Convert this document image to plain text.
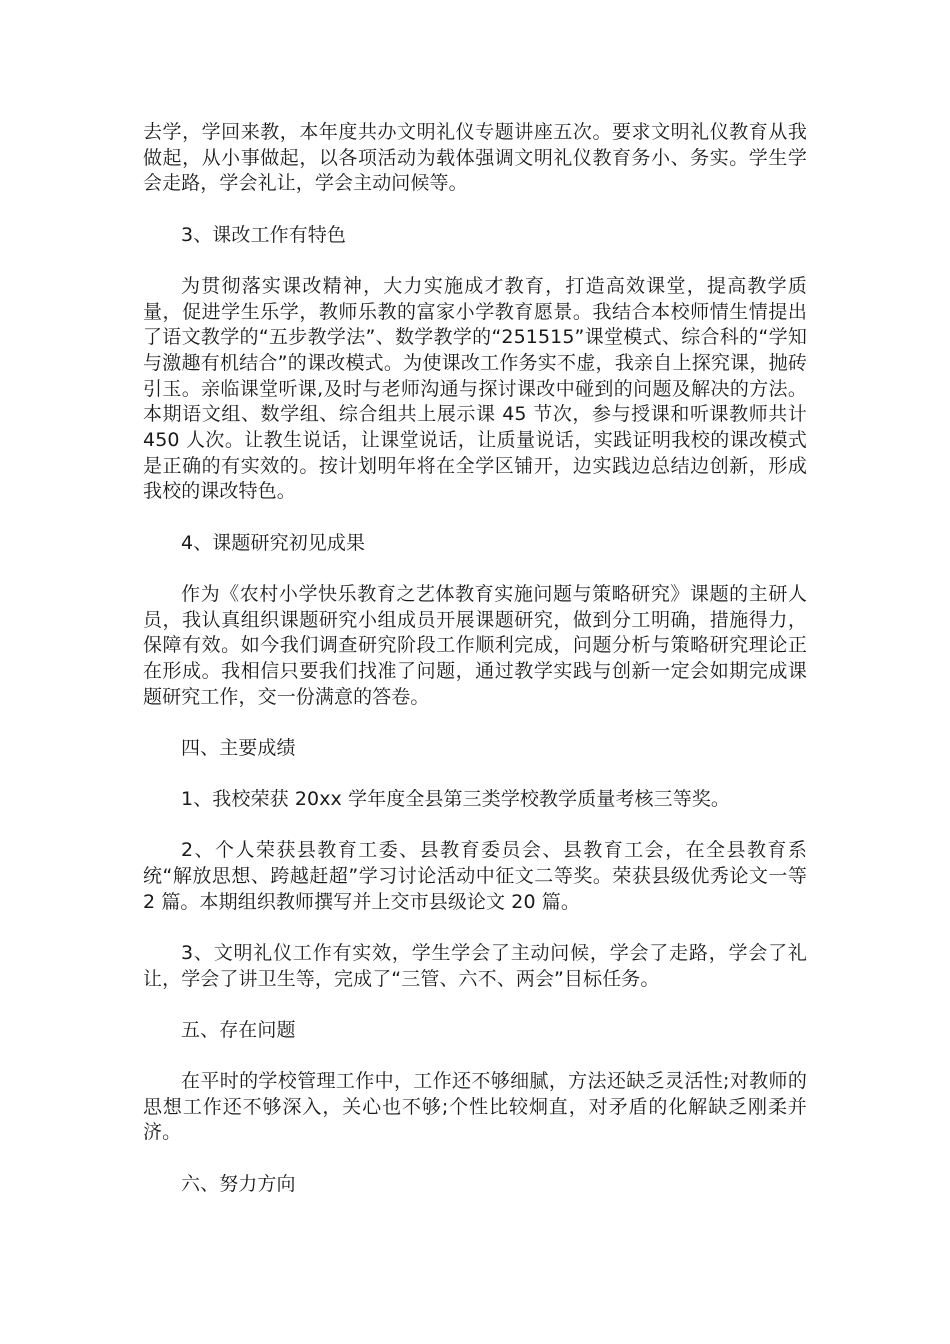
去学，学回来教，本年度共办文明礼仪专题讲座五次。要求文明礼仪教育从我做起，从小事做起，以各项活动为载体强调文明礼仪教育务小、务实。学生学会走路，学会礼让，学会主动问候等。

3、课改工作有特色

为贯彻落实课改精神，大力实施成才教育，打造高效课堂，提高教学质量，促进学生乐学，教师乐教的富家小学教育愿景。我结合本校师情生情提出了语文教学的“五步教学法”、数学教学的“251515”课堂模式、综合科的“学知与激趣有机结合”的课改模式。为使课改工作务实不虚，我亲自上探究课，抛砖引玉。亲临课堂听课,及时与老师沟通与探讨课改中碰到的问题及解决的方法。本期语文组、数学组、综合组共上展示课 45 节次，参与授课和听课教师共计 450 人次。让教生说话，让课堂说话，让质量说话，实践证明我校的课改模式是正确的有实效的。按计划明年将在全学区铺开，边实践边总结边创新，形成我校的课改特色。

4、课题研究初见成果

作为《农村小学快乐教育之艺体教育实施问题与策略研究》课题的主研人员，我认真组织课题研究小组成员开展课题研究，做到分工明确，措施得力，保障有效。如今我们调查研究阶段工作顺利完成，问题分析与策略研究理论正在形成。我相信只要我们找准了问题，通过教学实践与创新一定会如期完成课题研究工作，交一份满意的答卷。

四、主要成绩

1、我校荣获 20xx 学年度全县第三类学校教学质量考核三等奖。

2、个人荣获县教育工委、县教育委员会、县教育工会，在全县教育系统“解放思想、跨越赶超”学习讨论活动中征文二等奖。荣获县级优秀论文一等 2 篇。本期组织教师撰写并上交市县级论文 20 篇。

3、文明礼仪工作有实效，学生学会了主动问候，学会了走路，学会了礼让，学会了讲卫生等，完成了“三管、六不、两会”目标任务。

五、存在问题

在平时的学校管理工作中，工作还不够细腻，方法还缺乏灵活性;对教师的思想工作还不够深入，关心也不够;个性比较炯直，对矛盾的化解缺乏刚柔并济。

六、努力方向
